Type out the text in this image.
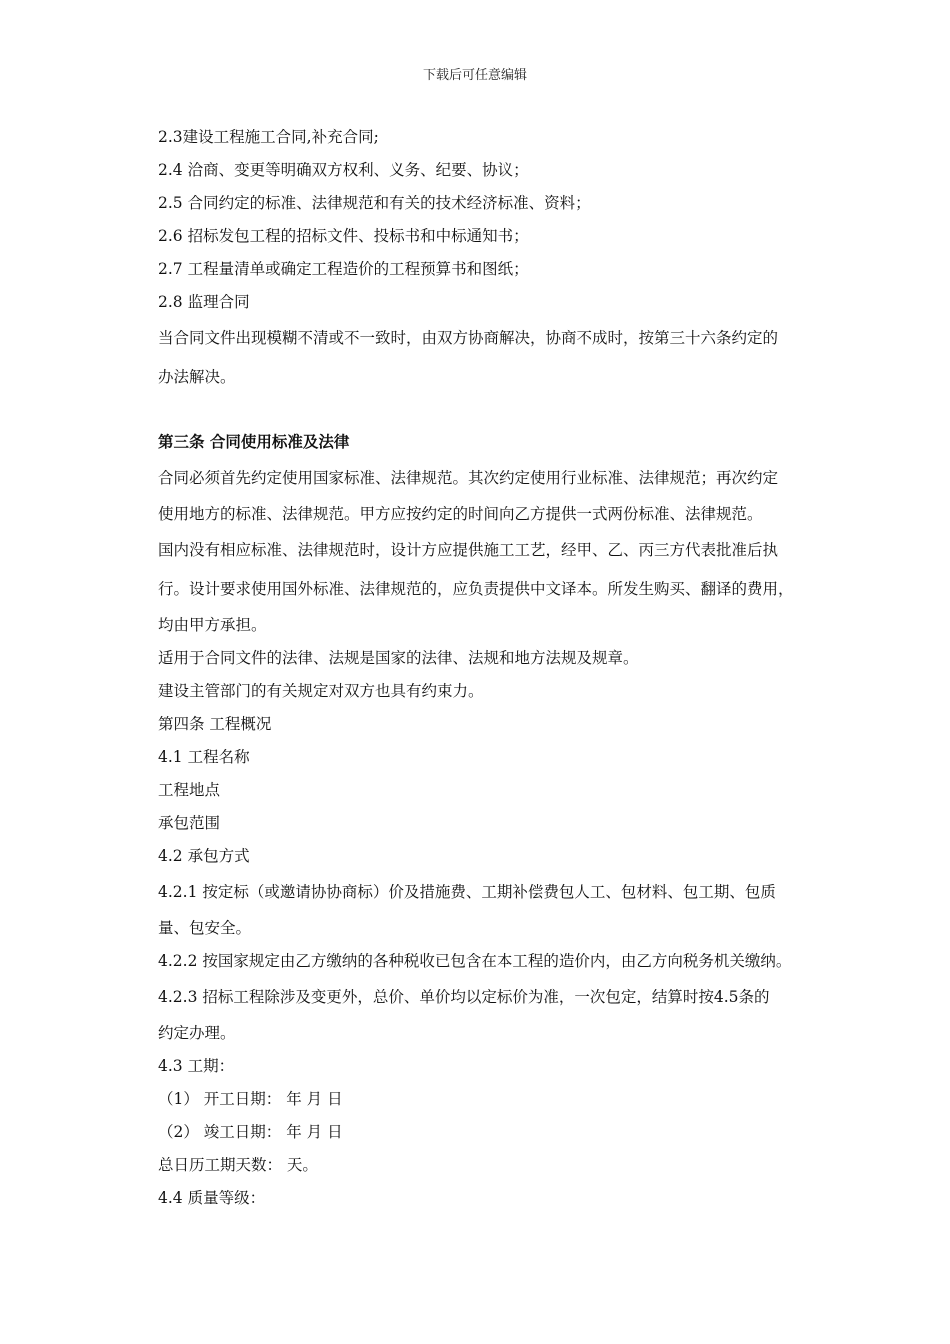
下载后可任意编辑
2.3建设工程施工合同,补充合同;
2.4 洽商、变更等明确双方权利、义务、纪要、协议；
2.5 合同约定的标准、法律规范和有关的技术经济标准、资料；
2.6 招标发包工程的招标文件、投标书和中标通知书；
2.7 工程量清单或确定工程造价的工程预算书和图纸；
2.8 监理合同
当合同文件出现模糊不清或不一致时，由双方协商解决，协商不成时，按第三十六条约定的
办法解决。
第三条 合同使用标准及法律
合同必须首先约定使用国家标准、法律规范。其次约定使用行业标准、法律规范；再次约定
使用地方的标准、法律规范。甲方应按约定的时间向乙方提供一式两份标准、法律规范。
国内没有相应标准、法律规范时，设计方应提供施工工艺，经甲、乙、丙三方代表批准后执
行。设计要求使用国外标准、法律规范的，应负责提供中文译本。所发生购买、翻译的费用，
均由甲方承担。
适用于合同文件的法律、法规是国家的法律、法规和地方法规及规章。
建设主管部门的有关规定对双方也具有约束力。
第四条 工程概况
4.1 工程名称
工程地点
承包范围
4.2 承包方式
4.2.1 按定标（或邀请协协商标）价及措施费、工期补偿费包人工、包材料、包工期、包质
量、包安全。
4.2.2 按国家规定由乙方缴纳的各种税收已包含在本工程的造价内，由乙方向税务机关缴纳。
4.2.3 招标工程除涉及变更外，总价、单价均以定标价为准，一次包定，结算时按4.5条的
约定办理。
4.3 工期：
（1） 开工日期： 年 月 日
（2） 竣工日期： 年 月 日
总日历工期天数： 天。
4.4 质量等级：
